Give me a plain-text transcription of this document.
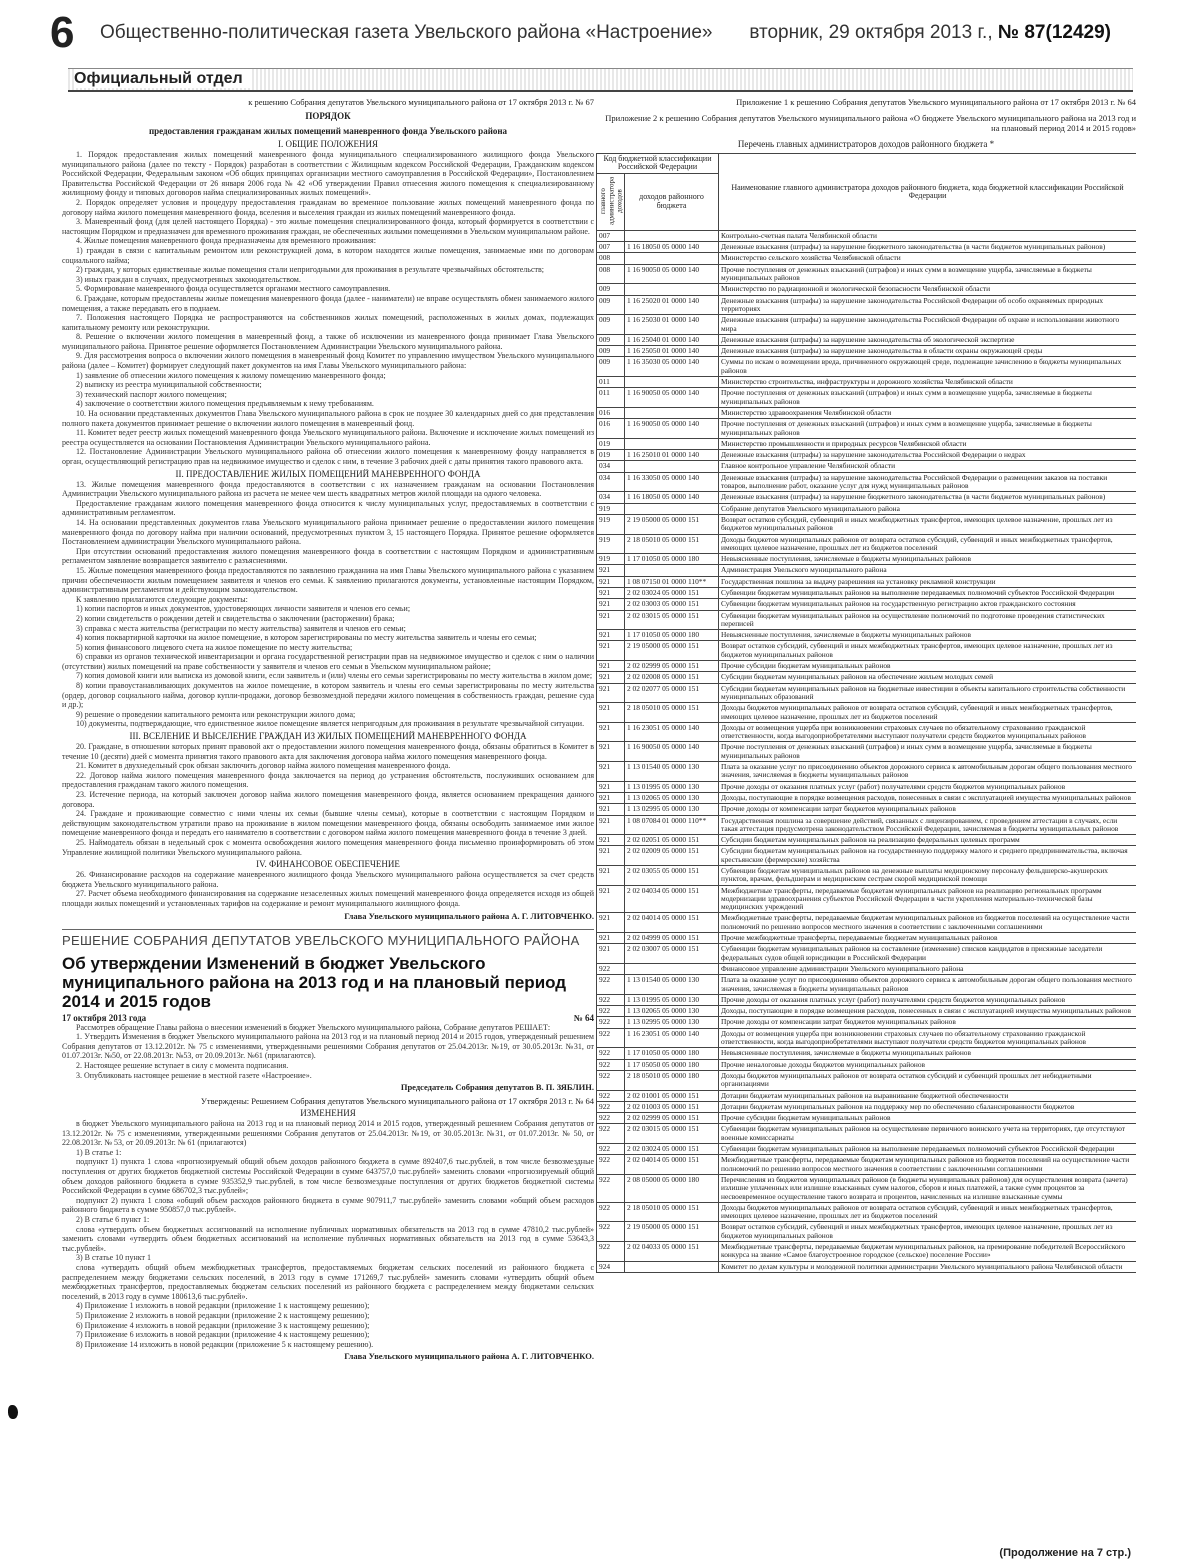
6 Общественно-политическая газета Увельского района «Настроение» вторник, 29 октября 2013 г., № 87(12429)
Официальный отдел
к решению Собрания депутатов Увельского муниципального района от 17 октября 2013 г. № 67
ПОРЯДОК
предоставления гражданам жилых помещений маневренного фонда Увельского района
I. ОБЩИЕ ПОЛОЖЕНИЯ

1. Порядок предоставления жилых помещений маневренного фонда муниципального специализированного жилищного фонда Увельского муниципального района (далее по тексту - Порядок) разработан в соответствии с Жилищным кодексом Российской Федерации, Гражданским кодексом Российской Федерации, Федеральным законом «Об общих принципах организации местного самоуправления в Российской Федерации», Постановлением Правительства Российской Федерации от 26 января 2006 года № 42 «Об утверждении Правил отнесения жилого помещения к специализированному жилищному фонду и типовых договоров найма специализированных жилых помещений».

2. Порядок определяет условия и процедуру предоставления гражданам во временное пользование жилых помещений маневренного фонда по договору найма жилого помещения маневренного фонда, вселения и выселения граждан из жилых помещений маневренного фонда.

3. Маневренный фонд (для целей настоящего Порядка) - это жилые помещения специализированного фонда, который формируется в соответствии с настоящим Порядком и предназначен для временного проживания граждан, не обеспеченных жилыми помещениями в Увельском муниципальном районе.

4. Жилые помещения маневренного фонда предназначены для временного проживания:

1) граждан в связи с капитальным ремонтом или реконструкцией дома, в котором находятся жилые помещения, занимаемые ими по договорам социального найма;

2) граждан, у которых единственные жилые помещения стали непригодными для проживания в результате чрезвычайных обстоятельств;

3) иных граждан в случаях, предусмотренных законодательством.

5. Формирование маневренного фонда осуществляется органами местного самоуправления.

6. Граждане, которым предоставлены жилые помещения маневренного фонда (далее - наниматели) не вправе осуществлять обмен занимаемого жилого помещения, а также передавать его в поднаем.

7. Положения настоящего Порядка не распространяются на собственников жилых помещений, расположенных в жилых домах, подлежащих капитальному ремонту или реконструкции.

8. Решение о включении жилого помещения в маневренный фонд, а также об исключении из маневренного фонда принимает Глава Увельского муниципального района. Принятое решение оформляется Постановлением Администрации Увельского муниципального района.

9. Для рассмотрения вопроса о включении жилого помещения в маневренный фонд Комитет по управлению имуществом Увельского муниципального района (далее – Комитет) формирует следующий пакет документов на имя Главы Увельского муниципального района:

1) заявление об отнесении жилого помещения к жилому помещению маневренного фонда;

2) выписку из реестра муниципальной собственности;

3) технический паспорт жилого помещения;

4) заключение о соответствии жилого помещения предъявляемым к нему требованиям.

10. На основании представленных документов Глава Увельского муниципального района в срок не позднее 30 календарных дней со дня представления полного пакета документов принимает решение о включении жилого помещения в маневренный фонд.

11. Комитет ведет реестр жилых помещений маневренного фонда Увельского муниципального района. Включение и исключение жилых помещений из реестра осуществляется на основании Постановления Администрации Увельского муниципального района.

12. Постановление Администрации Увельского муниципального района об отнесении жилого помещения к маневренному фонду направляется в орган, осуществляющий регистрацию прав на недвижимое имущество и сделок с ним, в течение 3 рабочих дней с даты принятия такого правового акта.

II. ПРЕДОСТАВЛЕНИЕ ЖИЛЫХ ПОМЕЩЕНИЙ МАНЕВРЕННОГО ФОНДА

13. Жилые помещения маневренного фонда предоставляются в соответствии с их назначением гражданам на основании Постановления Администрации Увельского муниципального района из расчета не менее чем шесть квадратных метров жилой площади на одного человека.

Предоставление гражданам жилого помещения маневренного фонда относится к числу муниципальных услуг, предоставляемых в соответствии с административным регламентом.

14. На основании представленных документов глава Увельского муниципального района принимает решение о предоставлении жилого помещения маневренного фонда по договору найма при наличии оснований, предусмотренных пунктом 3, 15 настоящего Порядка. Принятое решение оформляется Постановлением администрации Увельского муниципального района.

При отсутствии оснований предоставления жилого помещения маневренного фонда в соответствии с настоящим Порядком и административным регламентом заявление возвращается заявителю с разъяснениями.

15. Жилые помещения маневренного фонда предоставляются по заявлению гражданина на имя Главы Увельского муниципального района с указанием причин обеспеченности жилым помещением заявителя и членов его семьи. К заявлению прилагаются документы, установленные настоящим Порядком, административным регламентом и действующим законодательством.

К заявлению прилагаются следующие документы:

1) копии паспортов и иных документов, удостоверяющих личности заявителя и членов его семьи;

2) копии свидетельств о рождении детей и свидетельства о заключении (расторжении) брака;

3) справка с места жительства (регистрации по месту жительства) заявителя и членов его семьи;

4) копия поквартирной карточки на жилое помещение, в котором зарегистрированы по месту жительства заявитель и члены его семьи;

5) копия финансового лицевого счета на жилое помещение по месту жительства;

6) справки из органов технической инвентаризации и органа государственной регистрации прав на недвижимое имущество и сделок с ним о наличии (отсутствии) жилых помещений на праве собственности у заявителя и членов его семьи в Увельском муниципальном районе;

7) копия домовой книги или выписка из домовой книги, если заявитель и (или) члены его семьи зарегистрированы по месту жительства в жилом доме;

8) копии правоустанавливающих документов на жилое помещение, в котором заявитель и члены его семьи зарегистрированы по месту жительства (ордер, договор социального найма, договор купли-продажи, договор безвозмездной передачи жилого помещения в собственность граждан, решение суда и др.);

9) решение о проведении капитального ремонта или реконструкции жилого дома;

10) документы, подтверждающие, что единственное жилое помещение является непригодным для проживания в результате чрезвычайной ситуации.

III. ВСЕЛЕНИЕ И ВЫСЕЛЕНИЕ ГРАЖДАН ИЗ ЖИЛЫХ ПОМЕЩЕНИЙ МАНЕВРЕННОГО ФОНДА

20. Граждане, в отношении которых принят правовой акт о предоставлении жилого помещения маневренного фонда, обязаны обратиться в Комитет в течение 10 (десяти) дней с момента принятия такого правового акта для заключения договора найма жилого помещения маневренного фонда.

21. Комитет в двухнедельный срок обязан заключить договор найма жилого помещения маневренного фонда.

22. Договор найма жилого помещения маневренного фонда заключается на период до устранения обстоятельств, послуживших основанием для предоставления гражданам такого жилого помещения.

23. Истечение периода, на который заключен договор найма жилого помещения маневренного фонда, является основанием прекращения данного договора.

24. Граждане и проживающие совместно с ними члены их семьи (бывшие члены семьи), которые в соответствии с настоящим Порядком и действующим законодательством утратили право на проживание в жилом помещении маневренного фонда, обязаны освободить занимаемое ими жилое помещение маневренного фонда и передать его нанимателю в соответствии с договором найма жилого помещения маневренного фонда в течение 3 дней.

25. Наймодатель обязан в недельный срок с момента освобождения жилого помещения маневренного фонда письменно проинформировать об этом Управление жилищной политики Увельского муниципального района.

IV. ФИНАНСОВОЕ ОБЕСПЕЧЕНИЕ

26. Финансирование расходов на содержание маневренного жилищного фонда Увельского муниципального района осуществляется за счет средств бюджета Увельского муниципального района.

27. Расчет объема необходимого финансирования на содержание незаселенных жилых помещений маневренного фонда определяется исходя из общей площади жилых помещений и установленных тарифов на содержание и ремонт муниципального жилищного фонда.

Глава Увельского муниципального района А. Г. ЛИТОВЧЕНКО.
РЕШЕНИЕ СОБРАНИЯ ДЕПУТАТОВ УВЕЛЬСКОГО МУНИЦИПАЛЬНОГО РАЙОНА
Об утверждении Изменений в бюджет Увельского муниципального района на 2013 год и на плановый период 2014 и 2015 годов
17 октября 2013 года	№ 64

Рассмотрев обращение Главы района о внесении изменений в бюджет Увельского муниципального района, Собрание депутатов РЕШАЕТ:

1. Утвердить Изменения в бюджет Увельского муниципального района на 2013 год и на плановый период 2014 и 2015 годов, утвержденный решением Собрания депутатов от 13.12.2012г. № 75 с изменениями, утвержденными решениями Собрания депутатов от 25.04.2013г. №19, от 30.05.2013г. №31, от 01.07.2013г. №50, от 22.08.2013г. №53, от 20.09.2013г. №61 (прилагаются).

2. Настоящее решение вступает в силу с момента подписания.

3. Опубликовать настоящее решение в местной газете «Настроение».

Председатель Собрания депутатов В. П. ЗЯБЛИН.
Утверждены: Решением Собрания депутатов Увельского муниципального района от 17 октября 2013 г. № 64
ИЗМЕНЕНИЯ

в бюджет Увельского муниципального района на 2013 год и на плановый период 2014 и 2015 годов, утвержденный решением Собрания депутатов от 13.12.2012г. № 75 с изменениями, утвержденными решениями Собрания депутатов от 25.04.2013г. №19, от 30.05.2013г. №31, от 01.07.2013г. № 50, от 22.08.2013г. № 53, от 20.09.2013г. № 61 (прилагаются)

1) В статье 1:

подпункт 1) пункта 1 слова «прогнозируемый общий объем доходов районного бюджета в сумме 892407,6 тыс.рублей, в том числе безвозмездные поступления от других бюджетов бюджетной системы Российской Федерации в сумме 643757,0 тыс.рублей» заменить словами «прогнозируемый общий объем доходов районного бюджета в сумме 935352,9 тыс.рублей, в том числе безвозмездные поступления от других бюджетов бюджетной системы Российской Федерации в сумме 686702,3 тыс.рублей»;

подпункт 2) пункта 1 слова «общий объем расходов районного бюджета в сумме 907911,7 тыс.рублей» заменить словами «общий объем расходов районного бюджета в сумме 950857,0 тыс.рублей».

2) В статье 6 пункт 1:

слова «утвердить объем бюджетных ассигнований на исполнение публичных нормативных обязательств на 2013 год в сумме 47810,2 тыс.рублей» заменить словами «утвердить объем бюджетных ассигнований на исполнение публичных нормативных обязательств на 2013 год в сумме 53643,3 тыс.рублей».

3) В статье 10 пункт 1

слова «утвердить общий объем межбюджетных трансфертов, предоставляемых бюджетам сельских поселений из районного бюджета с распределением между бюджетами сельских поселений, в 2013 году в сумме 171269,7 тыс.рублей» заменить словами «утвердить общий объем межбюджетных трансфертов, предоставляемых бюджетам сельских поселений из районного бюджета с распределением между бюджетами сельских поселений, в 2013 году в сумме 180613,6 тыс.рублей».

4) Приложение 1 изложить в новой редакции (приложение 1 к настоящему решению);

5) Приложение 2 изложить в новой редакции (приложение 2 к настоящему решению);

6) Приложение 4 изложить в новой редакции (приложение 3 к настоящему решению);

7) Приложение 6 изложить в новой редакции (приложение 4 к настоящему решению);

8) Приложение 14 изложить в новой редакции (приложение 5 к настоящему решению).

Глава Увельского муниципального района А. Г. ЛИТОВЧЕНКО.
Приложение 1 к решению Собрания депутатов Увельского муниципального района от 17 октября 2013 г. № 64
Приложение 2 к решению Собрания депутатов Увельского муниципального района «О бюджете Увельского муниципального района на 2013 год и на плановый период 2014 и 2015 годов»
Перечень главных администраторов доходов районного бюджета *
Код бюджетной классификации Российской Федерации		Наименование главного администратора доходов районного бюджета, кода бюджетной классификации Российской Федерации
главного администратора доходов	доходов районного бюджета	
007		Контрольно-счетная палата Челябинской области
007	1 16 18050 05 0000 140	Денежные взыскания (штрафы) за нарушение бюджетного законодательства (в части бюджетов муниципальных районов)
008		Министерство сельского хозяйства Челябинской области
008	1 16 90050 05 0000 140	Прочие поступления от денежных взысканий (штрафов) и иных сумм в возмещение ущерба, зачисляемые в бюджеты муниципальных районов
009		Министерство по радиационной и экологической безопасности Челябинской области
009	1 16 25020 01 0000 140	Денежные взыскания (штрафы) за нарушение законодательства Российской Федерации об особо охраняемых природных территориях
009	1 16 25030 01 0000 140	Денежные взыскания (штрафы) за нарушение законодательства Российской Федерации об охране и использовании животного мира
009	1 16 25040 01 0000 140	Денежные взыскания (штрафы) за нарушение законодательства об экологической экспертизе
009	1 16 25050 01 0000 140	Денежные взыскания (штрафы) за нарушение законодательства в области охраны окружающей среды
009	1 16 35030 05 0000 140	Суммы по искам о возмещении вреда, причиненного окружающей среде, подлежащие зачислению в бюджеты муниципальных районов
011		Министерство строительства, инфраструктуры и дорожного хозяйства Челябинской области
011	1 16 90050 05 0000 140	Прочие поступления от денежных взысканий (штрафов) и иных сумм в возмещение ущерба, зачисляемые в бюджеты муниципальных районов
016		Министерство здравоохранения Челябинской области
016	1 16 90050 05 0000 140	Прочие поступления от денежных взысканий (штрафов) и иных сумм в возмещение ущерба, зачисляемые в бюджеты муниципальных районов
019		Министерство промышленности и природных ресурсов Челябинской области
019	1 16 25010 01 0000 140	Денежные взыскания (штрафы) за нарушение законодательства Российской Федерации о недрах
034		Главное контрольное управление Челябинской области
034	1 16 33050 05 0000 140	Денежные взыскания (штрафы) за нарушение законодательства Российской Федерации о размещении заказов на поставки товаров, выполнение работ, оказание услуг для нужд муниципальных районов
034	1 16 18050 05 0000 140	Денежные взыскания (штрафы) за нарушение бюджетного законодательства (в части бюджетов муниципальных районов)
919		Собрание депутатов Увельского муниципального района
919	2 19 05000 05 0000 151	Возврат остатков субсидий, субвенций и иных межбюджетных трансфертов, имеющих целевое назначение, прошлых лет из бюджетов муниципальных районов
919	2 18 05010 05 0000 151	Доходы бюджетов муниципальных районов от возврата остатков субсидий, субвенций и иных межбюджетных трансфертов, имеющих целевое назначение, прошлых лет из бюджетов поселений
919	1 17 01050 05 0000 180	Невыясненные поступления, зачисляемые в бюджеты муниципальных районов
921		Администрация Увельского муниципального района
921	1 08 07150 01 0000 110**	Государственная пошлина за выдачу разрешения на установку рекламной конструкции
921	2 02 03024 05 0000 151	Субвенции бюджетам муниципальных районов на выполнение передаваемых полномочий субъектов Российской Федерации
921	2 02 03003 05 0000 151	Субвенции бюджетам муниципальных районов на государственную регистрацию актов гражданского состояния
921	2 02 03015 05 0000 151	Субвенции бюджетам муниципальных районов на осуществление полномочий по подготовке проведения статистических переписей
921	1 17 01050 05 0000 180	Невыясненные поступления, зачисляемые в бюджеты муниципальных районов
921	2 19 05000 05 0000 151	Возврат остатков субсидий, субвенций и иных межбюджетных трансфертов, имеющих целевое назначение, прошлых лет из бюджетов муниципальных районов
921	2 02 02999 05 0000 151	Прочие субсидии бюджетам муниципальных районов
921	2 02 02008 05 0000 151	Субсидии бюджетам муниципальных районов на обеспечение жильем молодых семей
921	2 02 02077 05 0000 151	Субсидии бюджетам муниципальных районов на бюджетные инвестиции в объекты капитального строительства собственности муниципальных образований
921	2 18 05010 05 0000 151	Доходы бюджетов муниципальных районов от возврата остатков субсидий, субвенций и иных межбюджетных трансфертов, имеющих целевое назначение, прошлых лет из бюджетов поселений
921	1 16 23051 05 0000 140	Доходы от возмещения ущерба при возникновении страховых случаев по обязательному страхованию гражданской ответственности, когда выгодоприобретателями выступают получатели средств бюджетов муниципальных районов
921	1 16 90050 05 0000 140	Прочие поступления от денежных взысканий (штрафов) и иных сумм в возмещение ущерба, зачисляемые в бюджеты муниципальных районов
921	1 13 01540 05 0000 130	Плата за оказание услуг по присоединению объектов дорожного сервиса к автомобильным дорогам общего пользования местного значения, зачисляемая в бюджеты муниципальных районов
921	1 13 01995 05 0000 130	Прочие доходы от оказания платных услуг (работ) получателями средств бюджетов муниципальных районов
921	1 13 02065 05 0000 130	Доходы, поступающие в порядке возмещения расходов, понесенных в связи с эксплуатацией имущества муниципальных районов
921	1 13 02995 05 0000 130	Прочие доходы от компенсации затрат бюджетов муниципальных районов
921	1 08 07084 01 0000 110**	Государственная пошлина за совершение действий, связанных с лицензированием, с проведением аттестации в случаях, если такая аттестация предусмотрена законодательством Российской Федерации, зачисляемая в бюджеты муниципальных районов
921	2 02 02051 05 0000 151	Субсидии бюджетам муниципальных районов на реализацию федеральных целевых программ
921	2 02 02009 05 0000 151	Субсидии бюджетам муниципальных районов на государственную поддержку малого и среднего предпринимательства, включая крестьянские (фермерские) хозяйства
921	2 02 03055 05 0000 151	Субвенции бюджетам муниципальных районов на денежные выплаты медицинскому персоналу фельдшерско-акушерских пунктов, врачам, фельдшерам и медицинским сестрам скорой медицинской помощи
921	2 02 04034 05 0000 151	Межбюджетные трансферты, передаваемые бюджетам муниципальных районов на реализацию региональных программ модернизации здравоохранения субъектов Российской Федерации в части укрепления материально-технической базы медицинских учреждений
921	2 02 04014 05 0000 151	Межбюджетные трансферты, передаваемые бюджетам муниципальных районов из бюджетов поселений на осуществление части полномочий по решению вопросов местного значения в соответствии с заключенными соглашениями
921	2 02 04999 05 0000 151	Прочие межбюджетные трансферты, передаваемые бюджетам муниципальных районов
921	2 02 03007 05 0000 151	Субвенции бюджетам муниципальных районов на составление (изменение) списков кандидатов в присяжные заседатели федеральных судов общей юрисдикции в Российской Федерации
922		Финансовое управление администрации Увельского муниципального района
922	1 13 01540 05 0000 130	Плата за оказание услуг по присоединению объектов дорожного сервиса к автомобильным дорогам общего пользования местного значения, зачисляемая в бюджеты муниципальных районов
922	1 13 01995 05 0000 130	Прочие доходы от оказания платных услуг (работ) получателями средств бюджетов муниципальных районов
922	1 13 02065 05 0000 130	Доходы, поступающие в порядке возмещения расходов, понесенных в связи с эксплуатацией имущества муниципальных районов
922	1 13 02995 05 0000 130	Прочие доходы от компенсации затрат бюджетов муниципальных районов
922	1 16 23051 05 0000 140	Доходы от возмещения ущерба при возникновении страховых случаев по обязательному страхованию гражданской ответственности, когда выгодоприобретателями выступают получатели средств бюджетов муниципальных районов
922	1 17 01050 05 0000 180	Невыясненные поступления, зачисляемые в бюджеты муниципальных районов
922	1 17 05050 05 0000 180	Прочие неналоговые доходы бюджетов муниципальных районов
922	2 18 05010 05 0000 180	Доходы бюджетов муниципальных районов от возврата остатков субсидий и субвенций прошлых лет небюджетными организациями
922	2 02 01001 05 0000 151	Дотации бюджетам муниципальных районов на выравнивание бюджетной обеспеченности
922	2 02 01003 05 0000 151	Дотации бюджетам муниципальных районов на поддержку мер по обеспечению сбалансированности бюджетов
922	2 02 02999 05 0000 151	Прочие субсидии бюджетам муниципальных районов
922	2 02 03015 05 0000 151	Субвенции бюджетам муниципальных районов на осуществление первичного воинского учета на территориях, где отсутствуют военные комиссариаты
922	2 02 03024 05 0000 151	Субвенции бюджетам муниципальных районов на выполнение передаваемых полномочий субъектов Российской Федерации
922	2 02 04014 05 0000 151	Межбюджетные трансферты, передаваемые бюджетам муниципальных районов из бюджетов поселений на осуществление части полномочий по решению вопросов местного значения в соответствии с заключенными соглашениями
922	2 08 05000 05 0000 180	Перечисления из бюджетов муниципальных районов (в бюджеты муниципальных районов) для осуществления возврата (зачета) излишне уплаченных или излишне взысканных сумм налогов, сборов и иных платежей, а также сумм процентов за несвоевременное осуществление такого возврата и процентов, начисленных на излишне взысканные суммы
922	2 18 05010 05 0000 151	Доходы бюджетов муниципальных районов от возврата остатков субсидий, субвенций и иных межбюджетных трансфертов, имеющих целевое назначение, прошлых лет из бюджетов поселений
922	2 19 05000 05 0000 151	Возврат остатков субсидий, субвенций и иных межбюджетных трансфертов, имеющих целевое назначение, прошлых лет из бюджетов муниципальных районов
922	2 02 04033 05 0000 151	Межбюджетные трансферты, передаваемые бюджетам муниципальных районов, на премирование победителей Всероссийского конкурса на звание «Самое благоустроенное городское (сельское) поселение России»
924		Комитет по делам культуры и молодежной политики администрации Увельского муниципального района Челябинской области
(Продолжение на 7 стр.)
